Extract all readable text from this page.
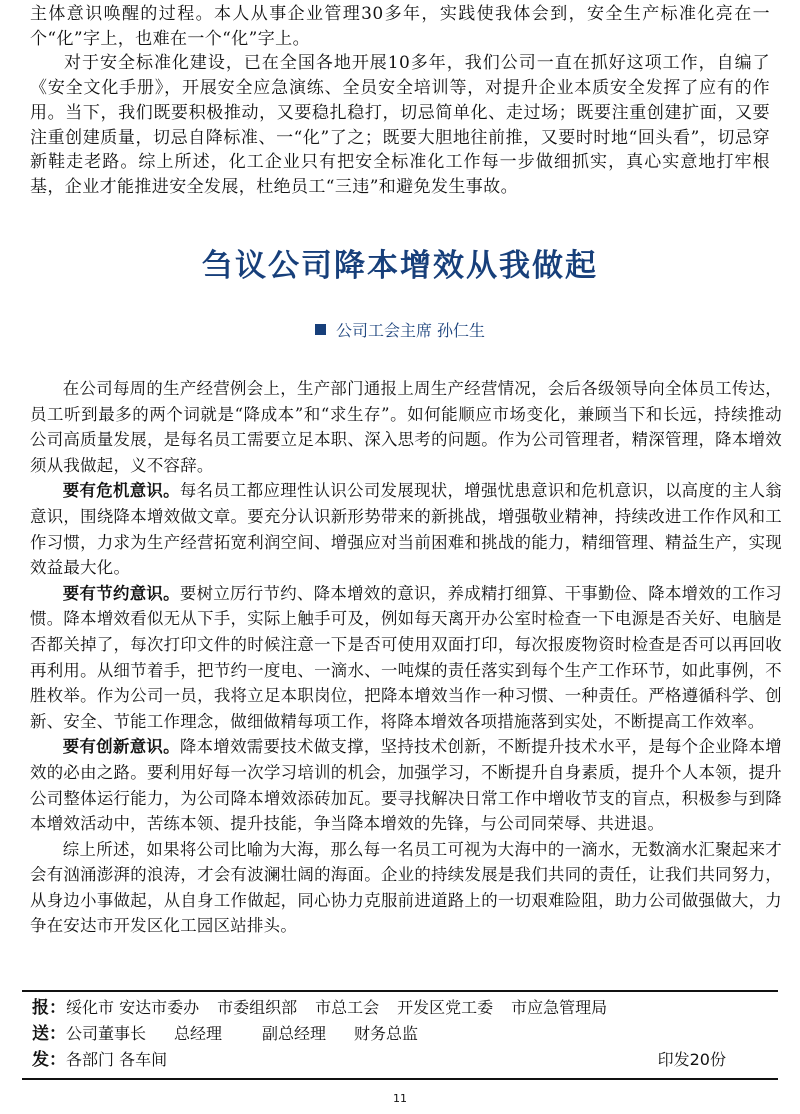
主体意识唤醒的过程。本人从事企业管理30多年，实践使我体会到，安全生产标准化亮在一个“化”字上，也难在一个“化”字上。

对于安全标准化建设，已在全国各地开展10多年，我们公司一直在抓好这项工作，自编了《安全文化手册》，开展安全应急演练、全员安全培训等，对提升企业本质安全发挥了应有的作用。当下，我们既要积极推动，又要稳扎稳打，切忌简单化、走过场；既要注重创建扩面，又要注重创建质量，切忌自降标准、一“化”了之；既要大胆地往前推，又要时时地“回头看”，切忌穿新鞋走老路。综上所述，化工企业只有把安全标准化工作每一步做细抓实，真心实意地打牢根基，企业才能推进安全发展，杜绝员工“三违”和避免发生事故。

刍议公司降本增效从我做起
公司工会主席 孙仁生

在公司每周的生产经营例会上，生产部门通报上周生产经营情况，会后各级领导向全体员工传达，员工听到最多的两个词就是“降成本”和“求生存”。如何能顺应市场变化，兼顾当下和长远，持续推动公司高质量发展，是每名员工需要立足本职、深入思考的问题。作为公司管理者，精深管理，降本增效须从我做起，义不容辞。

要有危机意识。每名员工都应理性认识公司发展现状，增强忧患意识和危机意识，以高度的主人翁意识，围绕降本增效做文章。要充分认识新形势带来的新挑战，增强敬业精神，持续改进工作作风和工作习惯，力求为生产经营拓宽利润空间、增强应对当前困难和挑战的能力，精细管理、精益生产，实现效益最大化。

要有节约意识。要树立厉行节约、降本增效的意识，养成精打细算、干事勤俭、降本增效的工作习惯。降本增效看似无从下手，实际上触手可及，例如每天离开办公室时检查一下电源是否关好、电脑是否都关掉了，每次打印文件的时候注意一下是否可使用双面打印，每次报废物资时检查是否可以再回收再利用。从细节着手，把节约一度电、一滴水、一吨煤的责任落实到每个生产工作环节，如此事例，不胜枚举。作为公司一员，我将立足本职岗位，把降本增效当作一种习惯、一种责任。严格遵循科学、创新、安全、节能工作理念，做细做精每项工作，将降本增效各项措施落到实处，不断提高工作效率。

要有创新意识。降本增效需要技术做支撑，坚持技术创新，不断提升技术水平，是每个企业降本增效的必由之路。要利用好每一次学习培训的机会，加强学习，不断提升自身素质，提升个人本领，提升公司整体运行能力，为公司降本增效添砖加瓦。要寻找解决日常工作中增收节支的盲点，积极参与到降本增效活动中，苦练本领、提升技能，争当降本增效的先锋，与公司同荣辱、共进退。

综上所述，如果将公司比喻为大海，那么每一名员工可视为大海中的一滴水，无数滴水汇聚起来才会有汹涌澎湃的浪涛，才会有波澜壮阔的海面。企业的持续发展是我们共同的责任，让我们共同努力，从身边小事做起，从自身工作做起，同心协力克服前进道路上的一切艰难险阻，助力公司做强做大，力争在安达市开发区化工园区站排头。

报：绥化市 安达市委办 市委组织部 市总工会 开发区党工委 市应急管理局
送：公司董事长 总经理	副总经理 财务总监
发：各部门 各车间	印发20份
11
